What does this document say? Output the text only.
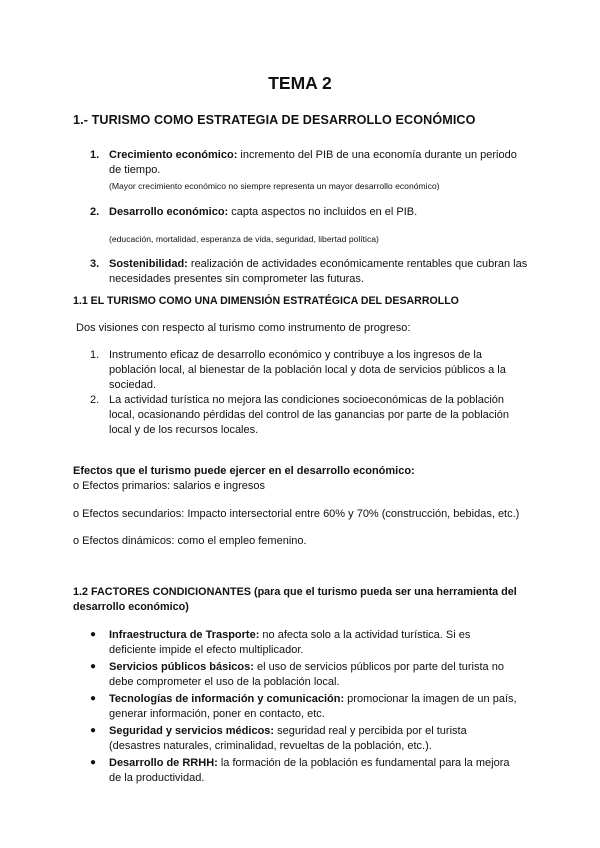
TEMA 2
1.- TURISMO COMO ESTRATEGIA DE DESARROLLO ECONÓMICO
1. Crecimiento económico: incremento del PIB de una economía durante un periodo de tiempo.
(Mayor crecimiento económico no siempre representa un mayor desarrollo económico)
2. Desarrollo económico: capta aspectos no incluidos en el PIB.
(educación, mortalidad, esperanza de vida, seguridad, libertad política)
3. Sostenibilidad: realización de actividades económicamente rentables que cubran las necesidades presentes sin comprometer las futuras.
1.1 EL TURISMO COMO UNA DIMENSIÓN ESTRATÉGICA DEL DESARROLLO

Dos visiones con respecto al turismo como instrumento de progreso:

1. Instrumento eficaz de desarrollo económico y contribuye a los ingresos de la población local, al bienestar de la población local y dota de servicios públicos a la sociedad.
2. La actividad turística no mejora las condiciones socioeconómicas de la población local, ocasionando pérdidas del control de las ganancias por parte de la población local y de los recursos locales.

Efectos que el turismo puede ejercer en el desarrollo económico:

o Efectos primarios: salarios e ingresos

o Efectos secundarios: Impacto intersectorial entre 60% y 70% (construcción, bebidas, etc.)

o Efectos dinámicos: como el empleo femenino.

1.2 FACTORES CONDICIONANTES (para que el turismo pueda ser una herramienta del desarrollo económico)
● Infraestructura de Trasporte: no afecta solo a la actividad turística. Si es deficiente impide el efecto multiplicador.
● Servicios públicos básicos: el uso de servicios públicos por parte del turista no debe comprometer el uso de la población local.
● Tecnologías de información y comunicación: promocionar la imagen de un país, generar información, poner en contacto, etc.
● Seguridad y servicios médicos: seguridad real y percibida por el turista (desastres naturales, criminalidad, revueltas de la población, etc.).
● Desarrollo de RRHH: la formación de la población es fundamental para la mejora de la productividad.
